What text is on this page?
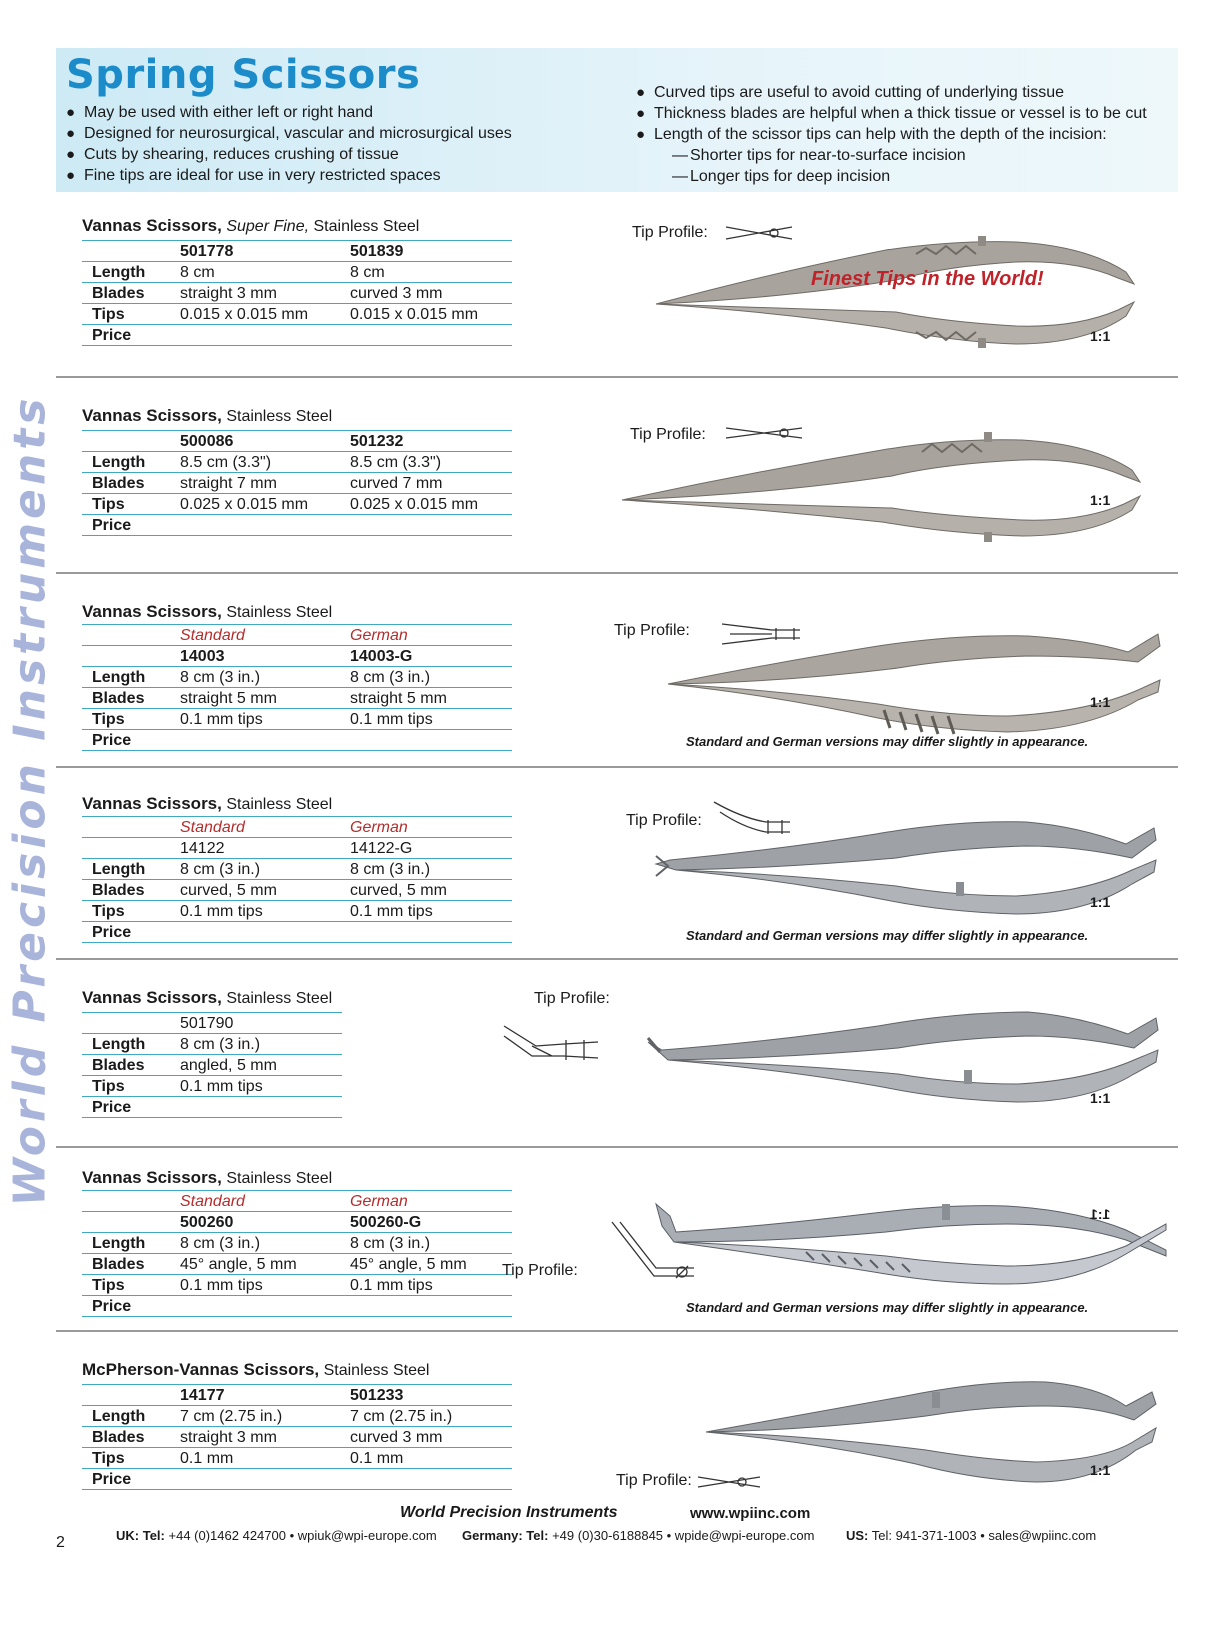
World Precision Instruments
Spring Scissors
● May be used with either left or right hand
● Designed for neurosurgical, vascular and microsurgical uses
● Cuts by shearing, reduces crushing of tissue
● Fine tips are ideal for use in very restricted spaces
● Curved tips are useful to avoid cutting of underlying tissue
● Thickness blades are helpful when a thick tissue or vessel is to be cut
● Length of the scissor tips can help with the depth of the incision:
— Shorter tips for near-to-surface incision
— Longer tips for deep incision
Vannas Scissors, Super Fine, Stainless Steel
	501778	501839
Length	8 cm	8 cm
Blades	straight 3 mm	curved 3 mm
Tips	0.015 x 0.015 mm	0.015 x 0.015 mm
Price		
Tip Profile:
Finest Tips in the World!
1:1
Vannas Scissors, Stainless Steel
	500086	501232
Length	8.5 cm (3.3")	8.5 cm (3.3")
Blades	straight 7 mm	curved 7 mm
Tips	0.025 x 0.015 mm	0.025 x 0.015 mm
Price		
Tip Profile:
1:1
Vannas Scissors, Stainless Steel
	Standard	German
	14003	14003-G
Length	8 cm (3 in.)	8 cm (3 in.)
Blades	straight 5 mm	straight 5 mm
Tips	0.1 mm tips	0.1 mm tips
Price		
Tip Profile:
1:1
Standard and German versions may differ slightly in appearance.
Vannas Scissors, Stainless Steel
	Standard	German
	14122	14122-G
Length	8 cm (3 in.)	8 cm (3 in.)
Blades	curved, 5 mm	curved, 5 mm
Tips	0.1 mm tips	0.1 mm tips
Price		
Tip Profile:
1:1
Standard and German versions may differ slightly in appearance.
Vannas Scissors, Stainless Steel
	501790
Length	8 cm (3 in.)
Blades	angled, 5 mm
Tips	0.1 mm tips
Price	
Tip Profile:
1:1
Vannas Scissors, Stainless Steel
	Standard	German
	500260	500260-G
Length	8 cm (3 in.)	8 cm (3 in.)
Blades	45° angle, 5 mm	45° angle, 5 mm
Tips	0.1 mm tips	0.1 mm tips
Price		
Tip Profile:
1:1
Standard and German versions may differ slightly in appearance.
McPherson-Vannas Scissors, Stainless Steel
	14177	501233
Length	7 cm (2.75 in.)	7 cm (2.75 in.)
Blades	straight 3 mm	curved 3 mm
Tips	0.1 mm	0.1 mm
Price			Tip Profile:
1:1
World Precision Instruments	www.wpiinc.com
2	UK: Tel: +44 (0)1462 424700 • wpiuk@wpi-europe.com Germany: Tel: +49 (0)30-6188845 • wpide@wpi-europe.com US: Tel: 941-371-1003 • sales@wpiinc.com
